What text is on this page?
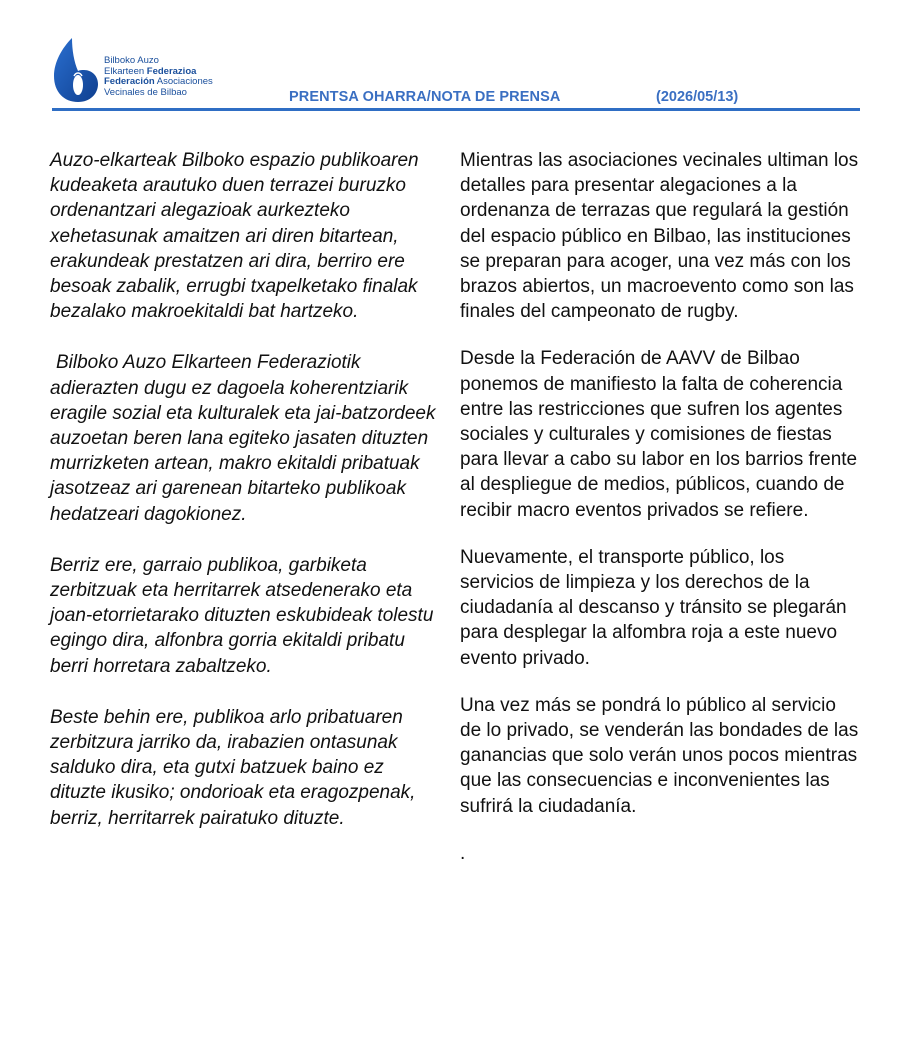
Bilboko Auzo
Elkarteen Federazioa
Federación Asociaciones
Vecinales de Bilbao	PRENTSA OHARRA/NOTA DE PRENSA	(2026/05/13)

Auzo-elkarteak Bilboko espazio publikoaren kudeaketa arautuko duen terrazei buruzko ordenantzari alegazioak aurkezteko xehetasunak amaitzen ari diren bitartean, erakundeak prestatzen ari dira, berriro ere besoak zabalik, errugbi txapelketako finalak bezalako makroekitaldi bat hartzeko.

Bilboko Auzo Elkarteen Federaziotik adierazten dugu ez dagoela koherentziarik eragile sozial eta kulturalek eta jai-batzordeek auzoetan beren lana egiteko jasaten dituzten murrizketen artean, makro ekitaldi pribatuak jasotzeaz ari garenean bitarteko publikoak hedatzeari dagokionez.

Berriz ere, garraio publikoa, garbiketa zerbitzuak eta herritarrek atsedenerako eta joan-etorrietarako dituzten eskubideak tolestu egingo dira, alfonbra gorria ekitaldi pribatu berri horretara zabaltzeko.

Beste behin ere, publikoa arlo pribatuaren zerbitzura jarriko da, irabazien ontasunak salduko dira, eta gutxi batzuek baino ez dituzte ikusiko; ondorioak eta eragozpenak, berriz, herritarrek pairatuko dituzte.

Mientras las asociaciones vecinales ultiman los detalles para presentar alegaciones a la ordenanza de terrazas que regulará la gestión del espacio público en Bilbao, las instituciones se preparan para acoger, una vez más con los brazos abiertos, un macroevento como son las finales del campeonato de rugby.

Desde la Federación de AAVV de Bilbao ponemos de manifiesto la falta de coherencia entre las restricciones que sufren los agentes sociales y culturales y comisiones de fiestas para llevar a cabo su labor en los barrios frente al despliegue de medios, públicos, cuando de recibir macro eventos privados se refiere.

Nuevamente, el transporte público, los servicios de limpieza y los derechos de la ciudadanía al descanso y tránsito se plegarán para desplegar la alfombra roja a este nuevo evento privado.

Una vez más se pondrá lo público al servicio de lo privado, se venderán las bondades de las ganancias que solo verán unos pocos mientras que las consecuencias e inconvenientes las sufrirá la ciudadanía.

.
